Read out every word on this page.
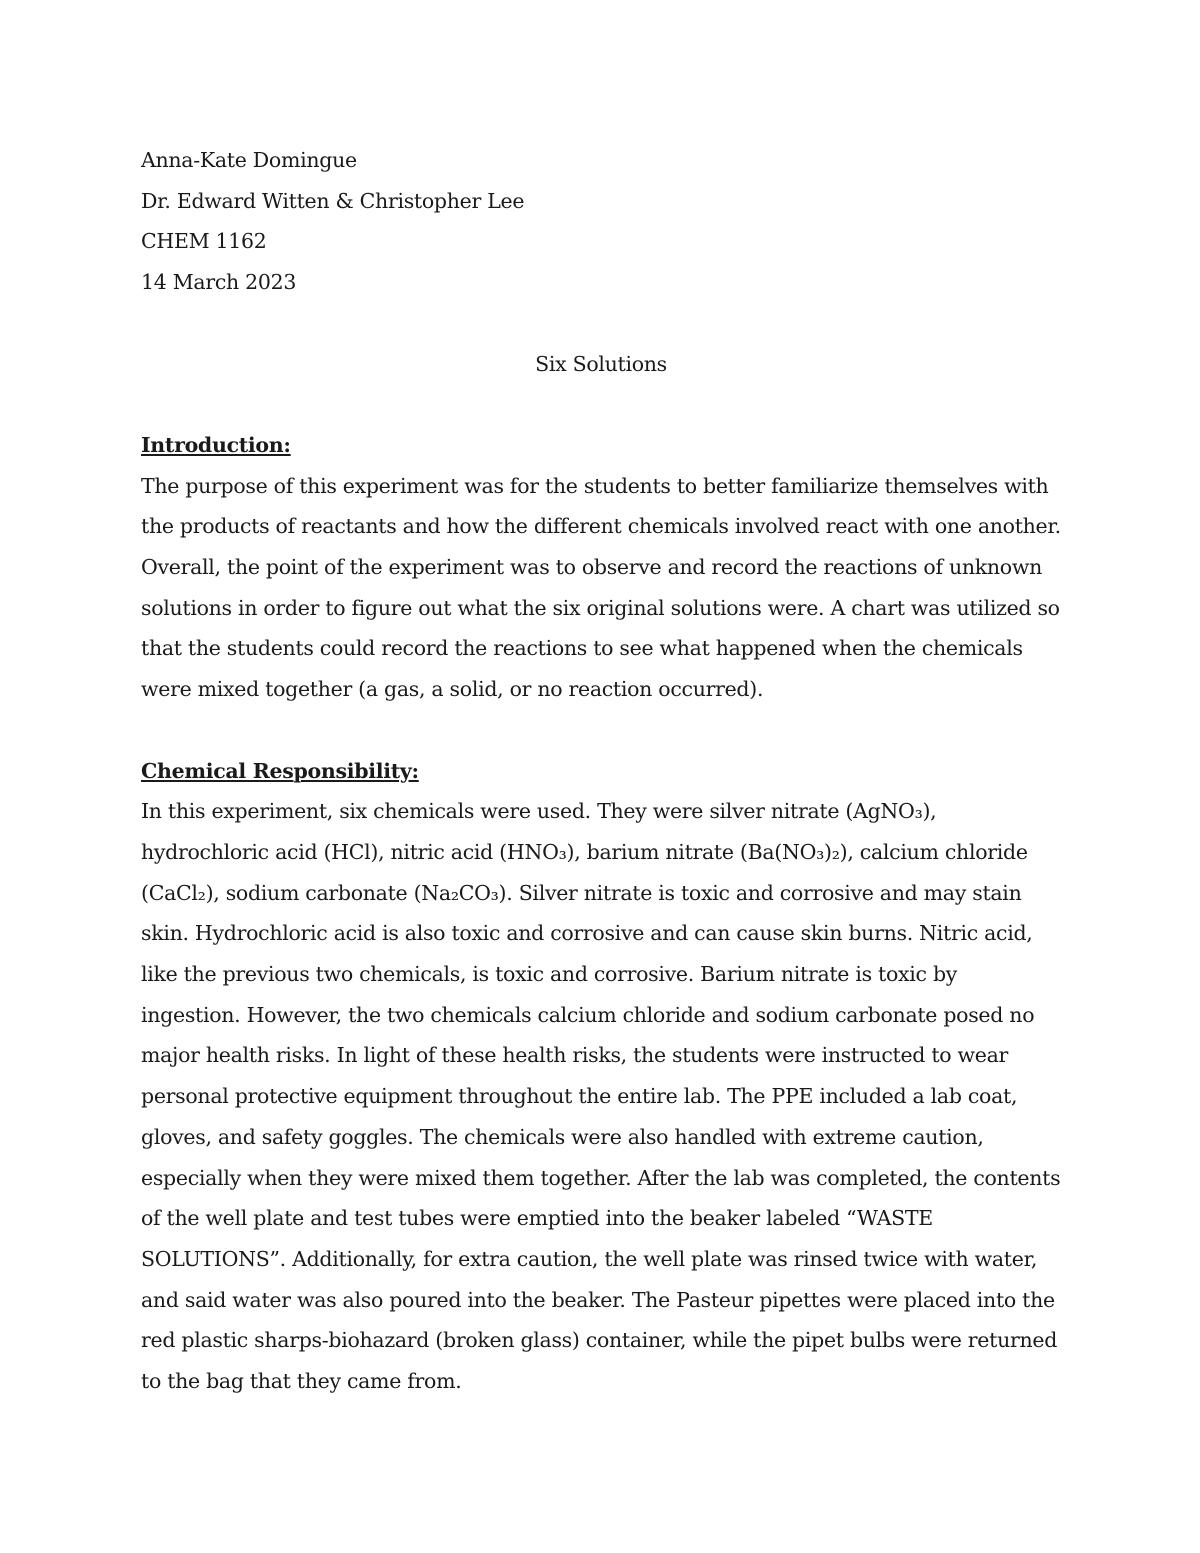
Anna-Kate Domingue
Dr. Edward Witten & Christopher Lee
CHEM 1162
14 March 2023
Six Solutions
Introduction:

The purpose of this experiment was for the students to better familiarize themselves with the products of reactants and how the different chemicals involved react with one another. Overall, the point of the experiment was to observe and record the reactions of unknown solutions in order to figure out what the six original solutions were. A chart was utilized so that the students could record the reactions to see what happened when the chemicals were mixed together (a gas, a solid, or no reaction occurred).

Chemical Responsibility:

In this experiment, six chemicals were used. They were silver nitrate (AgNO₃), hydrochloric acid (HCl), nitric acid (HNO₃), barium nitrate (Ba(NO₃)₂), calcium chloride (CaCl₂), sodium carbonate (Na₂CO₃). Silver nitrate is toxic and corrosive and may stain skin. Hydrochloric acid is also toxic and corrosive and can cause skin burns. Nitric acid, like the previous two chemicals, is toxic and corrosive. Barium nitrate is toxic by ingestion. However, the two chemicals calcium chloride and sodium carbonate posed no major health risks. In light of these health risks, the students were instructed to wear personal protective equipment throughout the entire lab. The PPE included a lab coat, gloves, and safety goggles. The chemicals were also handled with extreme caution, especially when they were mixed them together. After the lab was completed, the contents of the well plate and test tubes were emptied into the beaker labeled “WASTE SOLUTIONS”. Additionally, for extra caution, the well plate was rinsed twice with water, and said water was also poured into the beaker. The Pasteur pipettes were placed into the red plastic sharps-biohazard (broken glass) container, while the pipet bulbs were returned to the bag that they came from.
